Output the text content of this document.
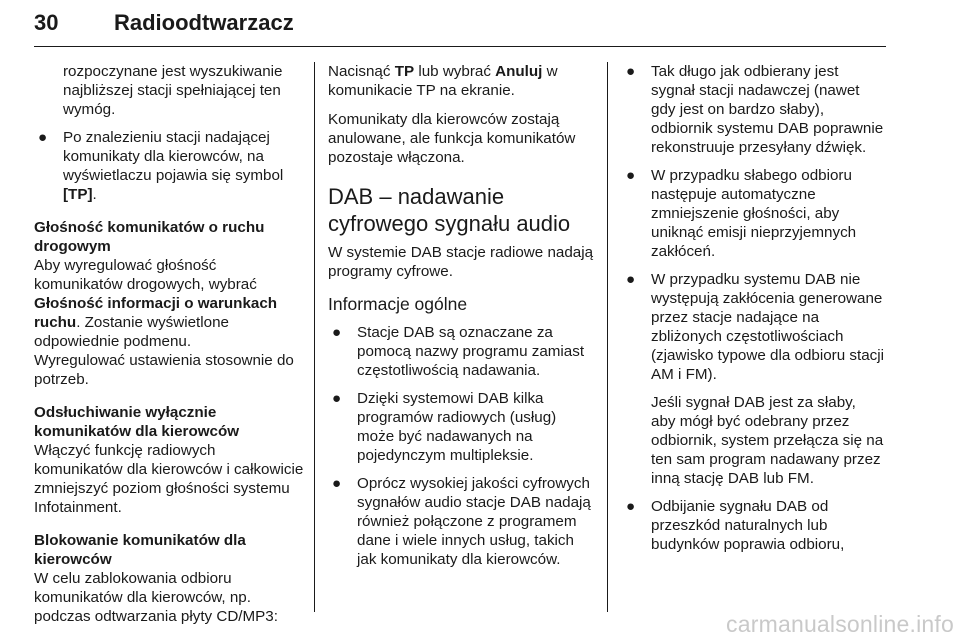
30	Radioodtwarzacz
rozpoczynane jest wyszukiwanie najbliższej stacji spełniającej ten wymóg.
● Po znalezieniu stacji nadającej komunikaty dla kierowców, na wyświetlaczu pojawia się symbol [TP].
Głośność komunikatów o ruchu drogowym
Aby wyregulować głośność komunikatów drogowych, wybrać Głośność informacji o warunkach ruchu. Zostanie wyświetlone odpowiednie podmenu.
Wyregulować ustawienia stosownie do potrzeb.
Odsłuchiwanie wyłącznie komunikatów dla kierowców
Włączyć funkcję radiowych komunikatów dla kierowców i całkowicie zmniejszyć poziom głośności systemu Infotainment.
Blokowanie komunikatów dla kierowców
W celu zablokowania odbioru komunikatów dla kierowców, np. podczas odtwarzania płyty CD/MP3:

Nacisnąć TP lub wybrać Anuluj w komunikacie TP na ekranie.

Komunikaty dla kierowców zostają anulowane, ale funkcja komunikatów pozostaje włączona.

DAB – nadawanie cyfrowego sygnału audio

W systemie DAB stacje radiowe nadają programy cyfrowe.

Informacje ogólne
● Stacje DAB są oznaczane za pomocą nazwy programu zamiast częstotliwością nadawania.
● Dzięki systemowi DAB kilka programów radiowych (usług) może być nadawanych na pojedynczym multipleksie.
● Oprócz wysokiej jakości cyfrowych sygnałów audio stacje DAB nadają również połączone z programem dane i wiele innych usług, takich jak komunikaty dla kierowców.
● Tak długo jak odbierany jest sygnał stacji nadawczej (nawet gdy jest on bardzo słaby), odbiornik systemu DAB poprawnie rekonstruuje przesyłany dźwięk.
● W przypadku słabego odbioru następuje automatyczne zmniejszenie głośności, aby uniknąć emisji nieprzyjemnych zakłóceń.
● W przypadku systemu DAB nie występują zakłócenia generowane przez stacje nadające na zbliżonych częstotliwościach (zjawisko typowe dla odbioru stacji AM i FM).
Jeśli sygnał DAB jest za słaby, aby mógł być odebrany przez odbiornik, system przełącza się na ten sam program nadawany przez inną stację DAB lub FM.
● Odbijanie sygnału DAB od przeszkód naturalnych lub budynków poprawia odbioru,
carmanualsonline.info
